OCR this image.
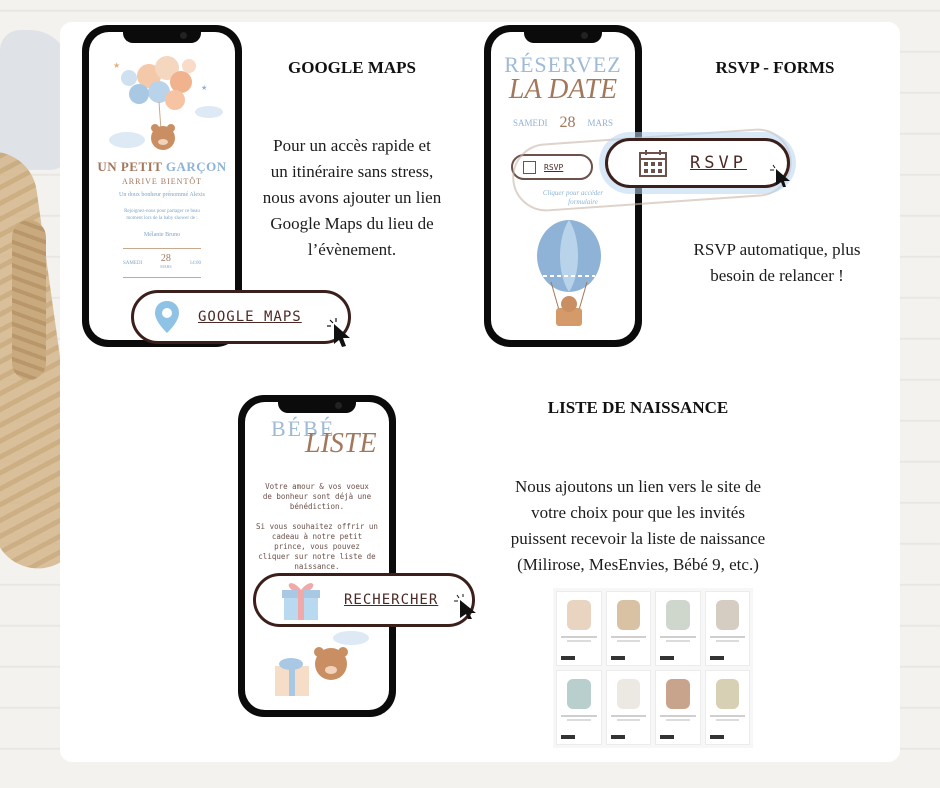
★
★
UN PETIT GARÇON
ARRIVE BIENTÔT
Un doux bonheur prénommé Alexis
Rejoignez-nous pour partager ce beau
moment lors de la baby shower de :
Mélanie Bruno
SAMEDI 28
MARS
14:00
GOOGLE MAPS
GOOGLE MAPS
Pour un accès rapide et
un itinéraire sans stress,
nous avons ajouter un lien
Google Maps du lieu de
l’évènement.
RÉSERVEZ
LA DATE
SAMEDI 28 MARS
RSVP
Cliquer pour accéder
formulaire
RSVP
RSVP - FORMS
RSVP automatique, plus
besoin de relancer !
BÉBÉ
LISTE
Votre amour & vos voeux
de bonheur sont déjà une
bénédiction.
Si vous souhaitez offrir un
cadeau à notre petit
prince, vous pouvez
cliquer sur notre liste de
naissance.
RECHERCHER
LISTE DE NAISSANCE
Nous ajoutons un lien vers le site de
votre choix pour que les invités
puissent recevoir la liste de naissance
(Milirose, MesEnvies, Bébé 9, etc.)
